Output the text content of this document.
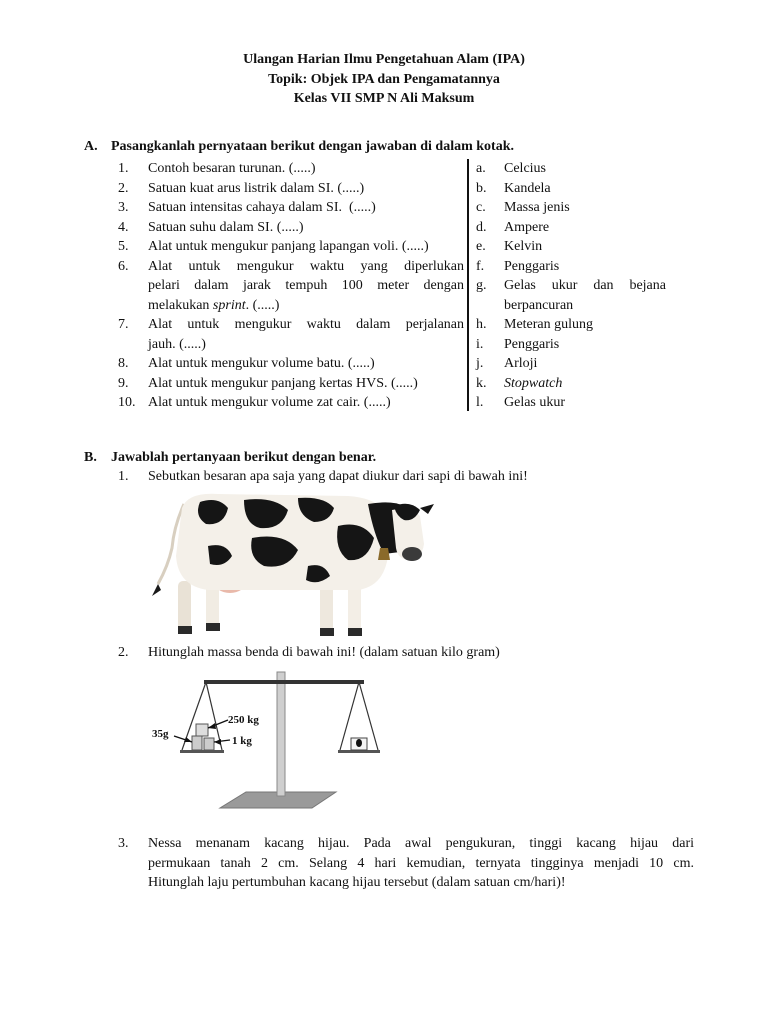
Ulangan Harian Ilmu Pengetahuan Alam (IPA)
Topik: Objek IPA dan Pengamatannya
Kelas VII SMP N Ali Maksum
A. Pasangkanlah pernyataan berikut dengan jawaban di dalam kotak.
1.	Contoh besaran turunan. (.....)
2.	Satuan kuat arus listrik dalam SI. (.....)
3.	Satuan intensitas cahaya dalam SI.  (.....)
4.	Satuan suhu dalam SI. (.....)
5.	Alat untuk mengukur panjang lapangan voli. (.....)
6.	Alat untuk mengukur waktu yang diperlukan
pelari dalam jarak tempuh 100 meter dengan
melakukan sprint. (.....)
7.	Alat untuk mengukur waktu dalam perjalanan
jauh. (.....)
8.	Alat untuk mengukur volume batu. (.....)
9.	Alat untuk mengukur panjang kertas HVS. (.....)
10. Alat untuk mengukur volume zat cair. (.....)
a.	Celcius
b.	Kandela
c.	Massa jenis
d.	Ampere
e.	Kelvin
f.	Penggaris
g.	Gelas ukur dan bejana
berpancuran
h.	Meteran gulung
i.	Penggaris
j.	Arloji
k.	Stopwatch
l.	Gelas ukur
B. Jawablah pertanyaan berikut dengan benar.
1.	Sebutkan besaran apa saja yang dapat diukur dari sapi di bawah ini!
2.	Hitunglah massa benda di bawah ini! (dalam satuan kilo gram)
250 kg
1 kg
35g
3.	Nessa menanam kacang hijau. Pada awal pengukuran, tinggi kacang hijau dari
permukaan tanah 2 cm. Selang 4 hari kemudian, ternyata tingginya menjadi 10 cm.
Hitunglah laju pertumbuhan kacang hijau tersebut (dalam satuan cm/hari)!
